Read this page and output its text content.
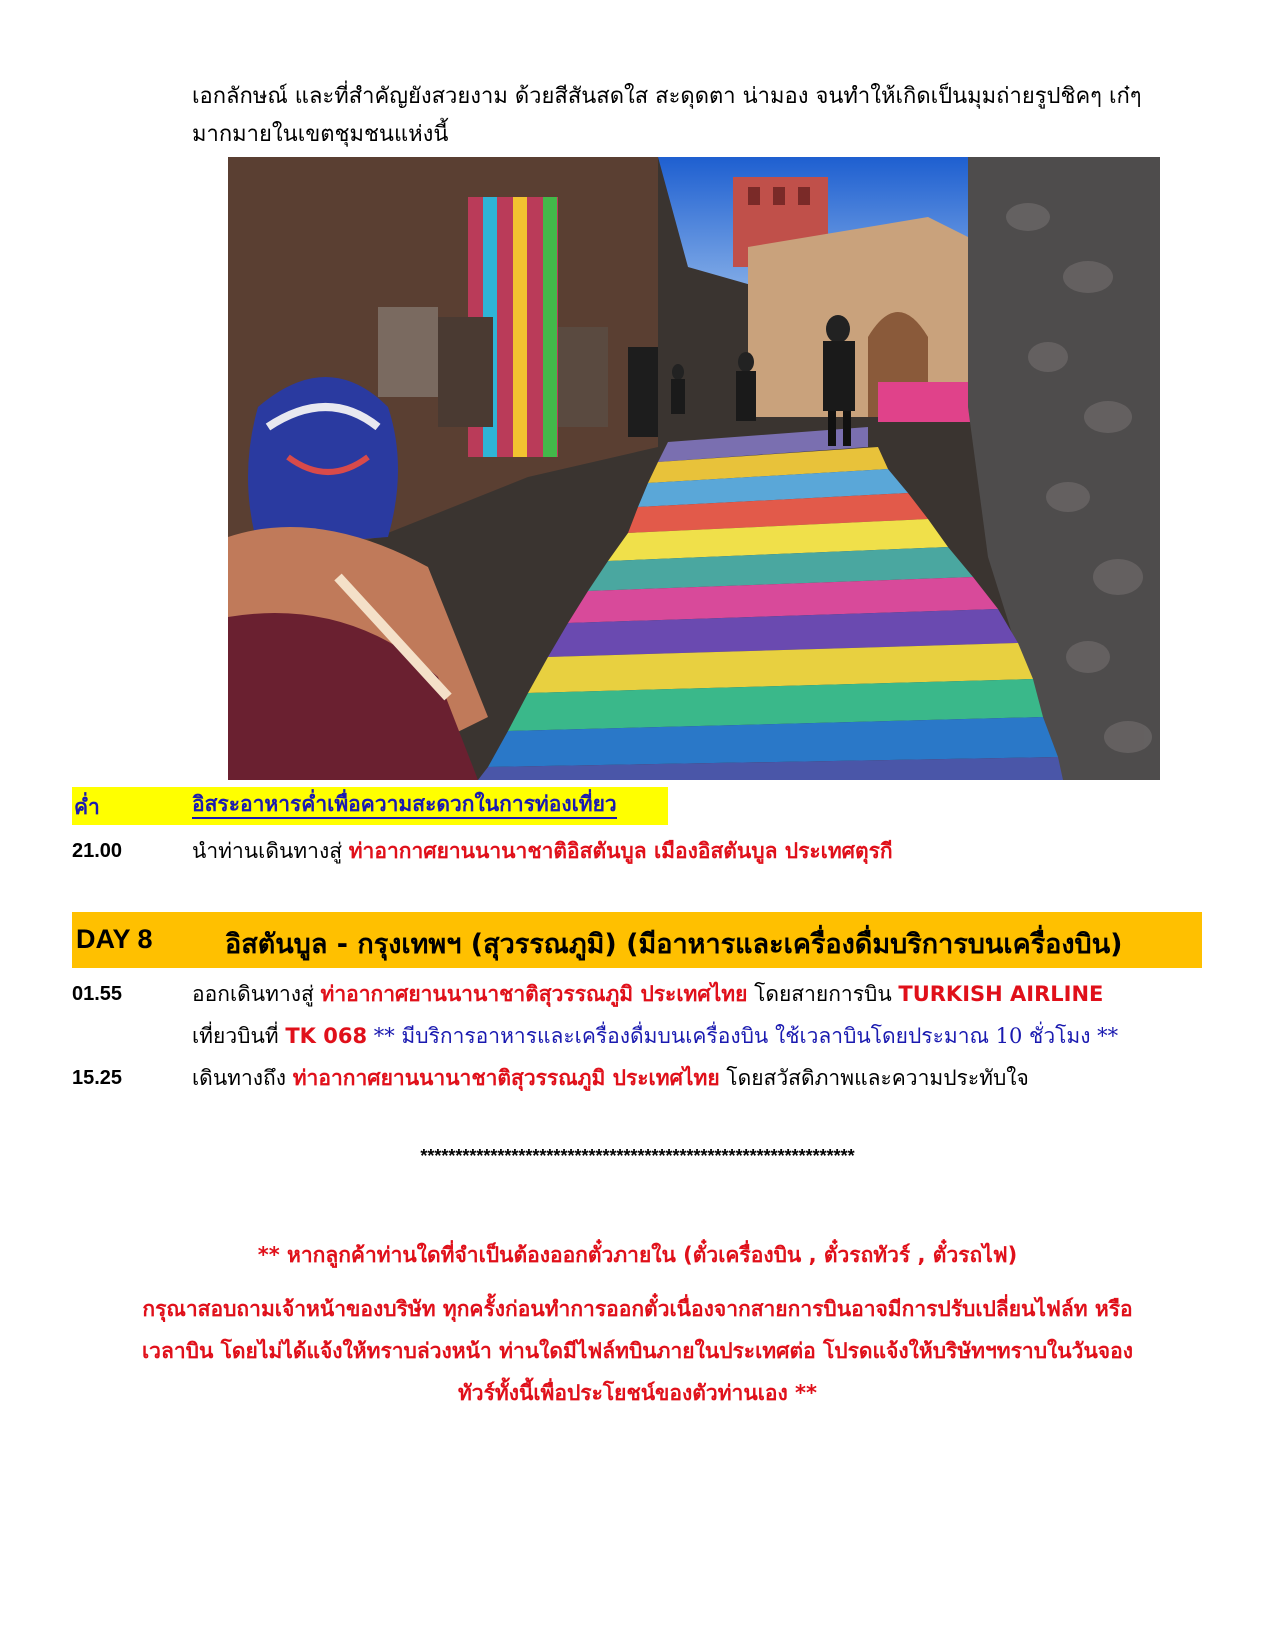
เอกลักษณ์ และที่สำคัญยังสวยงาม ด้วยสีสันสดใส สะดุดตา น่ามอง จนทำให้เกิดเป็นมุมถ่ายรูปชิคๆ เก๋ๆ
มากมายในเขตชุมชนแห่งนี้
ค่ำ	อิสระอาหารค่ำเพื่อความสะดวกในการท่องเที่ยว
21.00	นำท่านเดินทางสู่ ท่าอากาศยานนานาชาติอิสตันบูล เมืองอิสตันบูล ประเทศตุรกี
DAY 8	อิสตันบูล - กรุงเทพฯ (สุวรรณภูมิ) (มีอาหารและเครื่องดื่มบริการบนเครื่องบิน)
01.55	ออกเดินทางสู่ ท่าอากาศยานนานาชาติสุวรรณภูมิ ประเทศไทย โดยสายการบิน TURKISH AIRLINE
เที่ยวบินที่ TK 068 ** มีบริการอาหารและเครื่องดื่มบนเครื่องบิน ใช้เวลาบินโดยประมาณ 10 ชั่วโมง **
15.25	เดินทางถึง ท่าอากาศยานนานาชาติสุวรรณภูมิ ประเทศไทย โดยสวัสดิภาพและความประทับใจ
**************************************************************
** หากลูกค้าท่านใดที่จำเป็นต้องออกตั๋วภายใน (ตั๋วเครื่องบิน , ตั๋วรถทัวร์ , ตั๋วรถไฟ)
กรุณาสอบถามเจ้าหน้าของบริษัท ทุกครั้งก่อนทำการออกตั๋วเนื่องจากสายการบินอาจมีการปรับเปลี่ยนไฟล์ท หรือ
เวลาบิน โดยไม่ได้แจ้งให้ทราบล่วงหน้า ท่านใดมีไฟล์ทบินภายในประเทศต่อ โปรดแจ้งให้บริษัทฯทราบในวันจอง
ทัวร์ทั้งนี้เพื่อประโยชน์ของตัวท่านเอง **
